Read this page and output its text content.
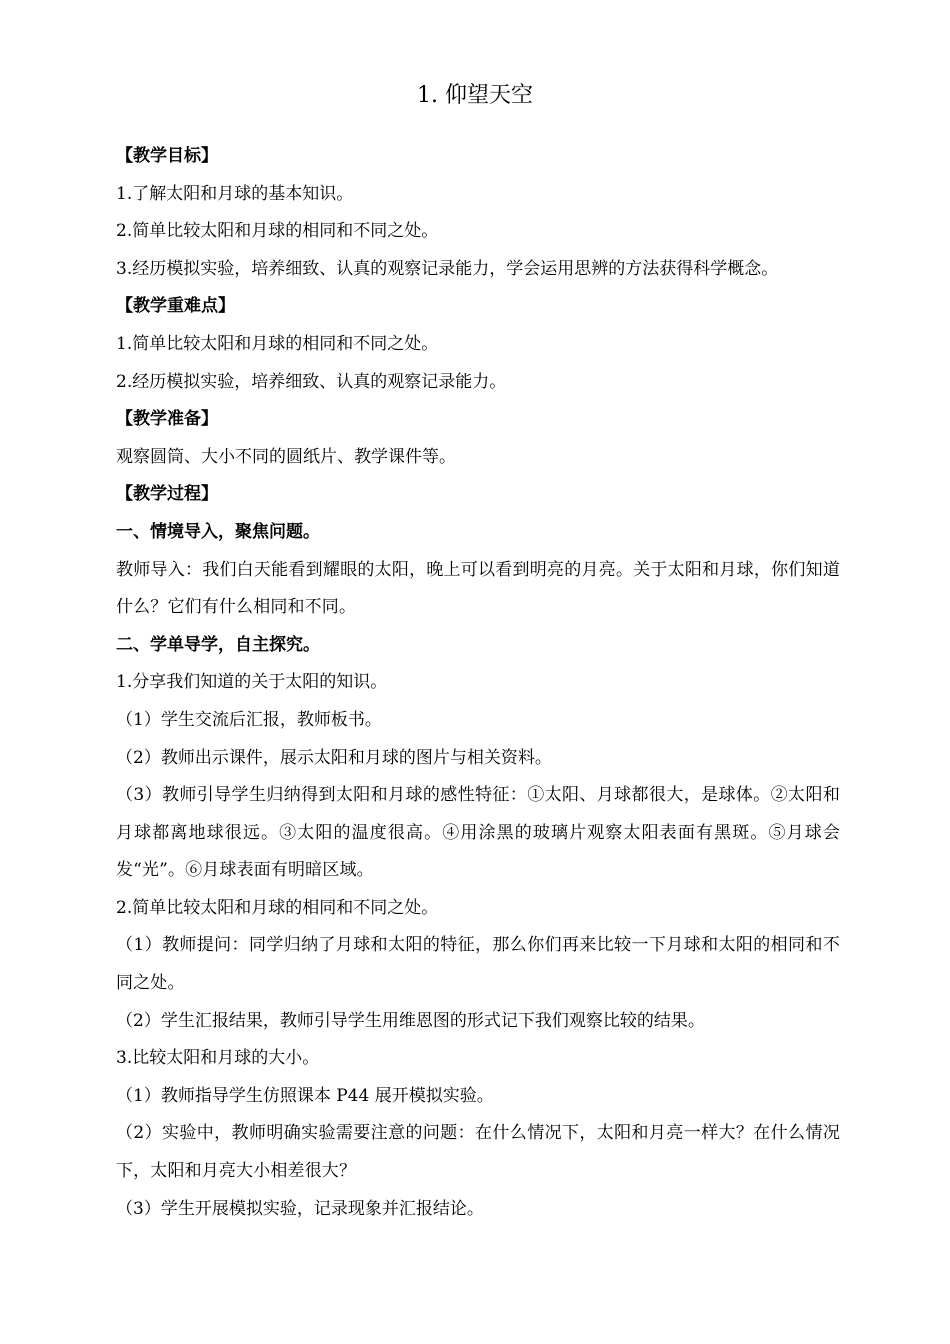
1. 仰望天空

【教学目标】

1.了解太阳和月球的基本知识。

2.简单比较太阳和月球的相同和不同之处。

3.经历模拟实验，培养细致、认真的观察记录能力，学会运用思辨的方法获得科学概念。

【教学重难点】

1.简单比较太阳和月球的相同和不同之处。

2.经历模拟实验，培养细致、认真的观察记录能力。

【教学准备】

观察圆筒、大小不同的圆纸片、教学课件等。

【教学过程】

一、情境导入，聚焦问题。

教师导入：我们白天能看到耀眼的太阳，晚上可以看到明亮的月亮。关于太阳和月球，你们知道什么？它们有什么相同和不同。

二、学单导学，自主探究。

1.分享我们知道的关于太阳的知识。

（1）学生交流后汇报，教师板书。

（2）教师出示课件，展示太阳和月球的图片与相关资料。

（3）教师引导学生归纳得到太阳和月球的感性特征：①太阳、月球都很大，是球体。②太阳和月球都离地球很远。③太阳的温度很高。④用涂黑的玻璃片观察太阳表面有黑斑。⑤月球会发“光”。⑥月球表面有明暗区域。

2.简单比较太阳和月球的相同和不同之处。

（1）教师提问：同学归纳了月球和太阳的特征，那么你们再来比较一下月球和太阳的相同和不同之处。

（2）学生汇报结果，教师引导学生用维恩图的形式记下我们观察比较的结果。

3.比较太阳和月球的大小。

（1）教师指导学生仿照课本 P44 展开模拟实验。

（2）实验中，教师明确实验需要注意的问题：在什么情况下，太阳和月亮一样大？在什么情况下，太阳和月亮大小相差很大？

（3）学生开展模拟实验，记录现象并汇报结论。
